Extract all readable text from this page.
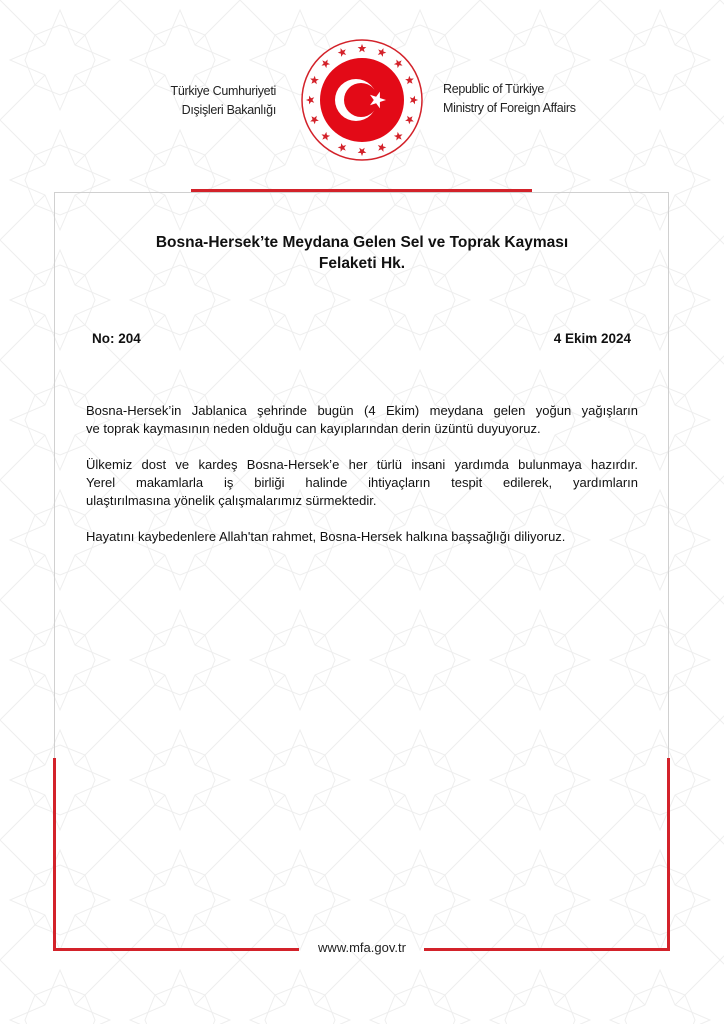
Türkiye Cumhuriyeti
Dışişleri Bakanlığı
Republic of Türkiye
Ministry of Foreign Affairs
Bosna-Hersek’te Meydana Gelen Sel ve Toprak Kayması
Felaketi Hk.
No: 204	4 Ekim 2024

Bosna-Hersek’in Jablanica şehrinde bugün (4 Ekim) meydana gelen yoğun yağışların
ve toprak kaymasının neden olduğu can kayıplarından derin üzüntü duyuyoruz.

Ülkemiz dost ve kardeş Bosna-Hersek’e her türlü insani yardımda bulunmaya hazırdır.
Yerel makamlarla iş birliği halinde ihtiyaçların tespit edilerek, yardımların
ulaştırılmasına yönelik çalışmalarımız sürmektedir.

Hayatını kaybedenlere Allah'tan rahmet, Bosna-Hersek halkına başsağlığı diliyoruz.

www.mfa.gov.tr
